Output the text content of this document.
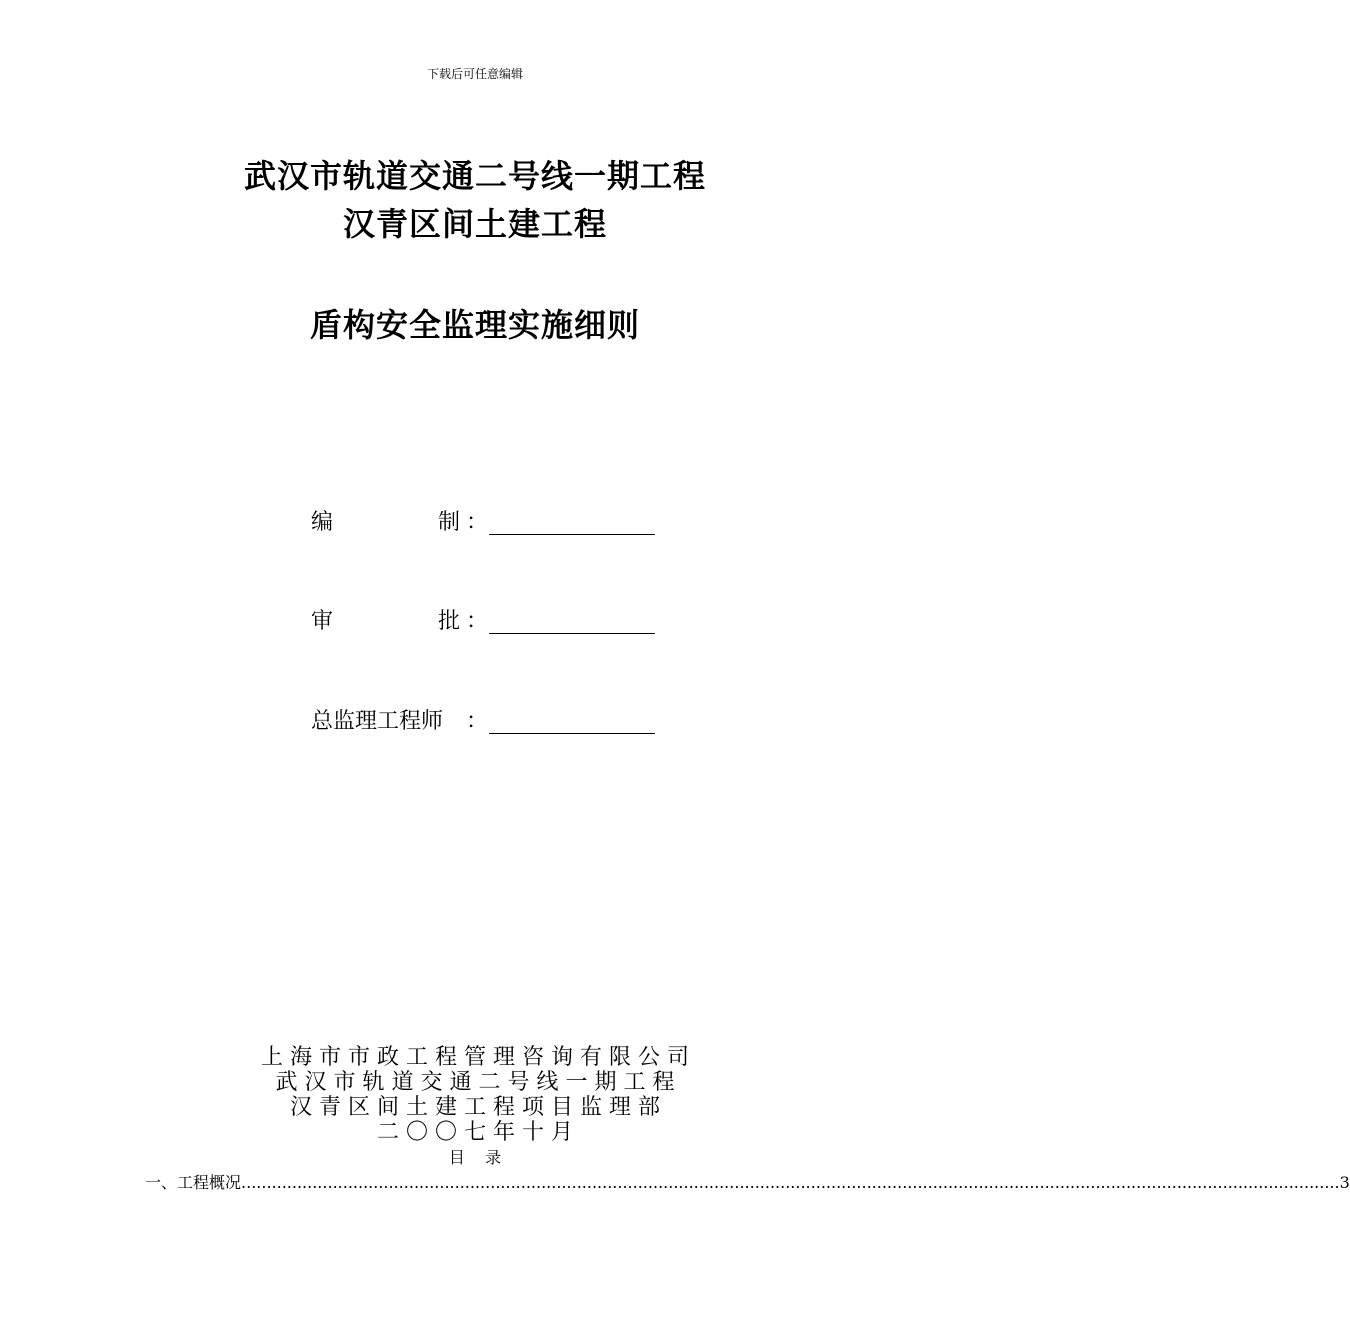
下载后可任意编辑
武汉市轨道交通二号线一期工程
汉青区间土建工程
盾构安全监理实施细则
编	制 ：
审	批 ：
总监理工程师 ：
上 海 市 市 政 工 程 管 理 咨 询 有 限 公 司
武 汉 市 轨 道 交 通 二 号 线 一 期 工 程
汉 青 区 间 土 建 工 程 项 目 监 理 部
二 〇 〇 七 年 十 月
目    录
一、工程概况 ........................................................................................................................................................................................................................ 3
